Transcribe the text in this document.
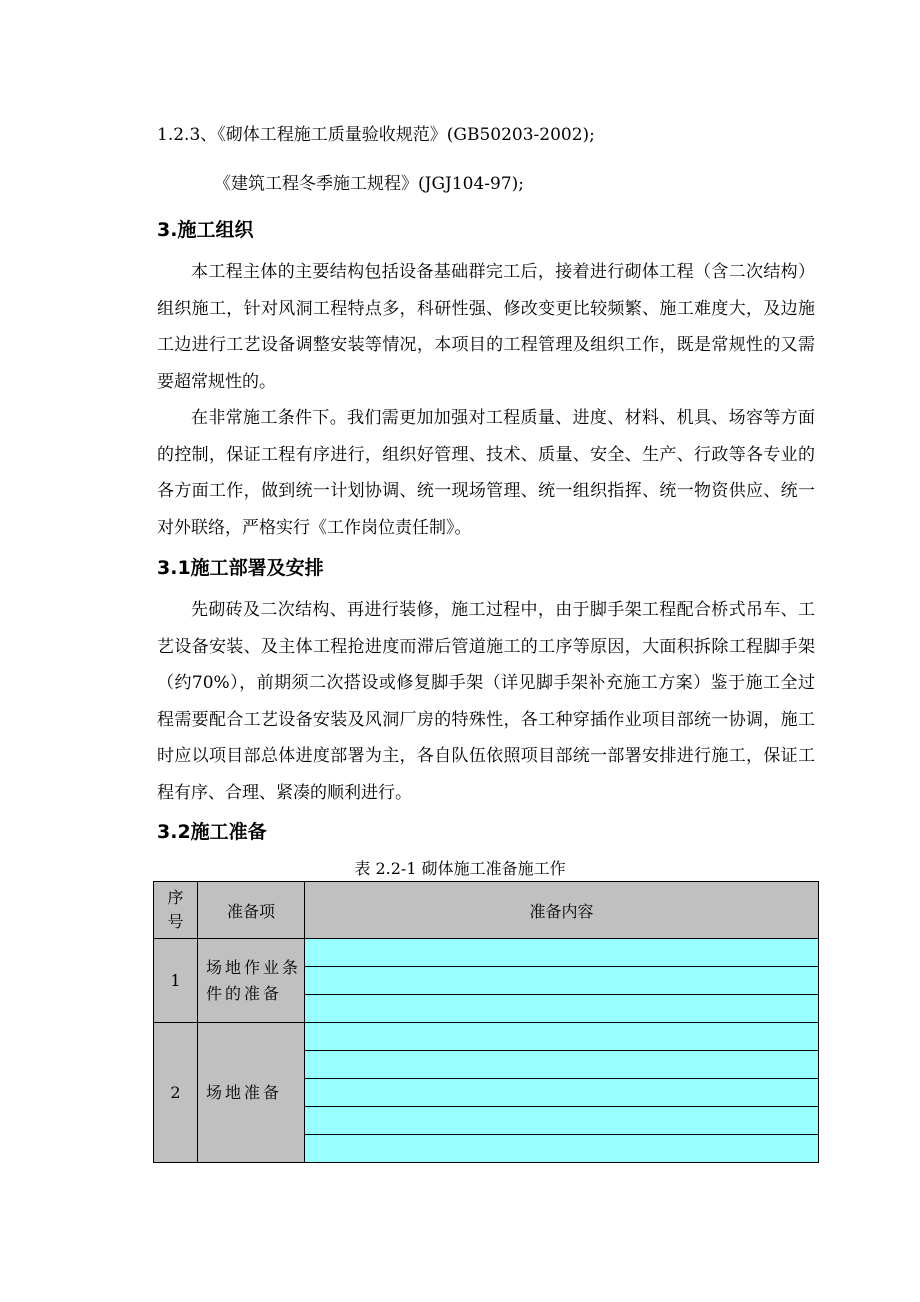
1.2.3、《砌体工程施工质量验收规范》(GB50203-2002);
《建筑工程冬季施工规程》(JGJ104-97);
3.施工组织
本工程主体的主要结构包括设备基础群完工后，接着进行砌体工程（含二次结构）组织施工，针对风洞工程特点多，科研性强、修改变更比较频繁、施工难度大，及边施工边进行工艺设备调整安装等情况，本项目的工程管理及组织工作，既是常规性的又需要超常规性的。
在非常施工条件下。我们需更加加强对工程质量、进度、材料、机具、场容等方面的控制，保证工程有序进行，组织好管理、技术、质量、安全、生产、行政等各专业的各方面工作，做到统一计划协调、统一现场管理、统一组织指挥、统一物资供应、统一对外联络，严格实行《工作岗位责任制》。
3.1施工部署及安排
先砌砖及二次结构、再进行装修，施工过程中，由于脚手架工程配合桥式吊车、工艺设备安装、及主体工程抢进度而滞后管道施工的工序等原因，大面积拆除工程脚手架（约70%），前期须二次搭设或修复脚手架（详见脚手架补充施工方案）鉴于施工全过程需要配合工艺设备安装及风洞厂房的特殊性，各工种穿插作业项目部统一协调，施工时应以项目部总体进度部署为主，各自队伍依照项目部统一部署安排进行施工，保证工程有序、合理、紧凑的顺利进行。
3.2施工准备
表 2.2-1 砌体施工准备施工作
序号	准备项	准备内容
1	场地作业条件的准备	

2	场地准备	
